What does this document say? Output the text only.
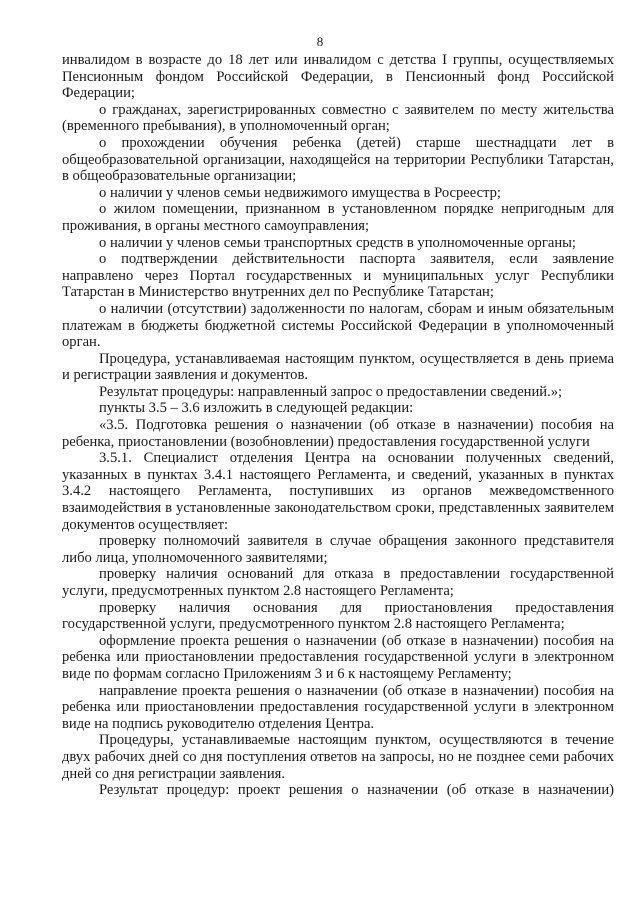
8

инвалидом в возрасте до 18 лет или инвалидом с детства I группы, осуществляемых Пенсионным фондом Российской Федерации, в Пенсионный фонд Российской Федерации;

о гражданах, зарегистрированных совместно с заявителем по месту жительства (временного пребывания), в уполномоченный орган;

о прохождении обучения ребенка (детей) старше шестнадцати лет в общеобразовательной организации, находящейся на территории Республики Татарстан, в общеобразовательные организации;

о наличии у членов семьи недвижимого имущества в Росреестр;

о жилом помещении, признанном в установленном порядке непригодным для проживания, в органы местного самоуправления;

о наличии у членов семьи транспортных средств в уполномоченные органы;

о подтверждении действительности паспорта заявителя, если заявление направлено через Портал государственных и муниципальных услуг Республики Татарстан в Министерство внутренних дел по Республике Татарстан;

о наличии (отсутствии) задолженности по налогам, сборам и иным обязательным платежам в бюджеты бюджетной системы Российской Федерации в уполномоченный орган.

Процедура, устанавливаемая настоящим пунктом, осуществляется в день приема и регистрации заявления и документов.

Результат процедуры: направленный запрос о предоставлении сведений.»;

пункты 3.5 – 3.6 изложить в следующей редакции:

«3.5. Подготовка решения о назначении (об отказе в назначении) пособия на ребенка, приостановлении (возобновлении) предоставления государственной услуги

3.5.1. Специалист отделения Центра на основании полученных сведений, указанных в пунктах 3.4.1 настоящего Регламента, и сведений, указанных в пунктах 3.4.2 настоящего Регламента, поступивших из органов межведомственного взаимодействия в установленные законодательством сроки, представленных заявителем документов осуществляет:

проверку полномочий заявителя в случае обращения законного представителя либо лица, уполномоченного заявителями;

проверку наличия оснований для отказа в предоставлении государственной услуги, предусмотренных пунктом 2.8 настоящего Регламента;

проверку наличия основания для приостановления предоставления государственной услуги, предусмотренного пунктом 2.8 настоящего Регламента;

оформление проекта решения о назначении (об отказе в назначении) пособия на ребенка или приостановлении предоставления государственной услуги в электронном виде по формам согласно Приложениям 3 и 6 к настоящему Регламенту;

направление проекта решения о назначении (об отказе в назначении) пособия на ребенка или приостановлении предоставления государственной услуги в электронном виде на подпись руководителю отделения Центра.

Процедуры, устанавливаемые настоящим пунктом, осуществляются в течение двух рабочих дней со дня поступления ответов на запросы, но не позднее семи рабочих дней со дня регистрации заявления.

Результат процедур: проект решения о назначении (об отказе в назначении)
